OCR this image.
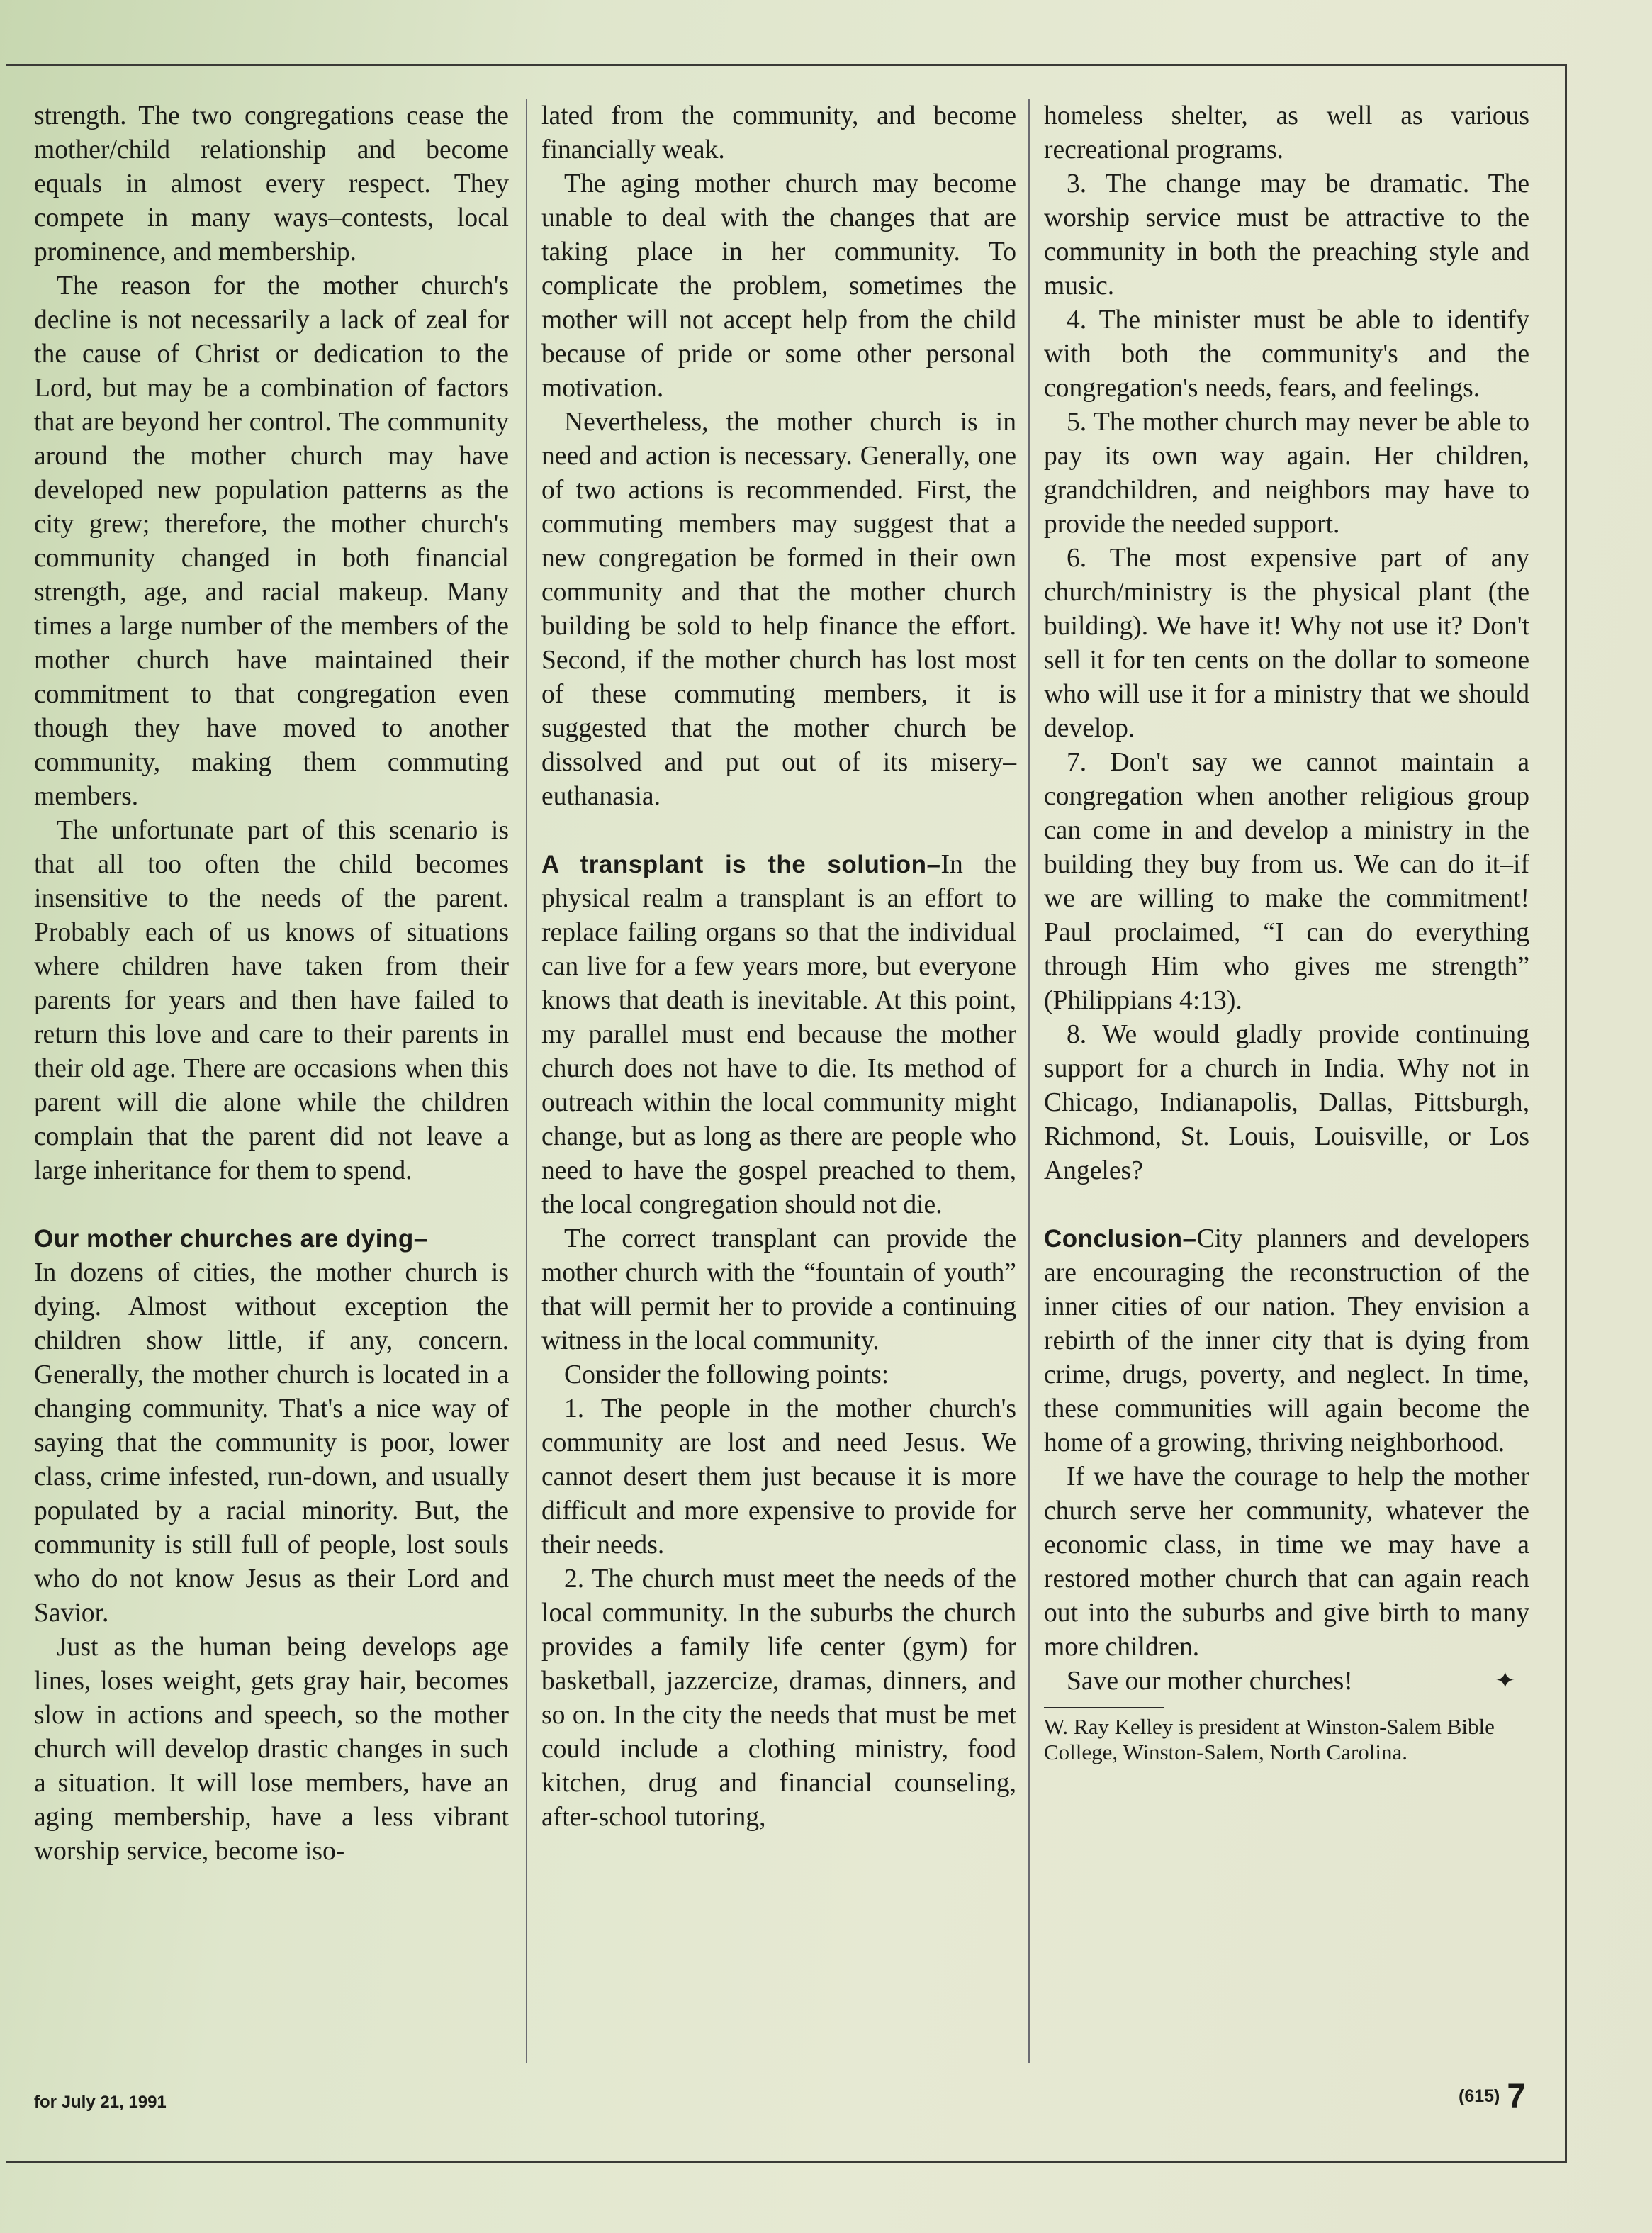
strength. The two congregations cease the mother/child relationship and become equals in almost every respect. They compete in many ways–contests, local prominence, and membership.

The reason for the mother church's decline is not necessarily a lack of zeal for the cause of Christ or dedication to the Lord, but may be a combination of factors that are beyond her control. The community around the mother church may have developed new population patterns as the city grew; therefore, the mother church's community changed in both financial strength, age, and racial makeup. Many times a large number of the members of the mother church have maintained their commitment to that congregation even though they have moved to another community, making them commuting members.

The unfortunate part of this scenario is that all too often the child becomes insensitive to the needs of the parent. Probably each of us knows of situations where children have taken from their parents for years and then have failed to return this love and care to their parents in their old age. There are occasions when this parent will die alone while the children complain that the parent did not leave a large inheritance for them to spend.

Our mother churches are dying–

In dozens of cities, the mother church is dying. Almost without exception the children show little, if any, concern. Generally, the mother church is located in a changing community. That's a nice way of saying that the community is poor, lower class, crime infested, run-down, and usually populated by a racial minority. But, the community is still full of people, lost souls who do not know Jesus as their Lord and Savior.

Just as the human being develops age lines, loses weight, gets gray hair, becomes slow in actions and speech, so the mother church will develop drastic changes in such a situation. It will lose members, have an aging membership, have a less vibrant worship service, become iso-

lated from the community, and become financially weak.

The aging mother church may become unable to deal with the changes that are taking place in her community. To complicate the problem, sometimes the mother will not accept help from the child because of pride or some other personal motivation.

Nevertheless, the mother church is in need and action is necessary. Generally, one of two actions is recommended. First, the commuting members may suggest that a new congregation be formed in their own community and that the mother church building be sold to help finance the effort. Second, if the mother church has lost most of these commuting members, it is suggested that the mother church be dissolved and put out of its misery–euthanasia.

A transplant is the solution–In the physical realm a transplant is an effort to replace failing organs so that the individual can live for a few years more, but everyone knows that death is inevitable. At this point, my parallel must end because the mother church does not have to die. Its method of outreach within the local community might change, but as long as there are people who need to have the gospel preached to them, the local congregation should not die.

The correct transplant can provide the mother church with the “fountain of youth” that will permit her to provide a continuing witness in the local community.

Consider the following points:

1. The people in the mother church's community are lost and need Jesus. We cannot desert them just because it is more difficult and more expensive to provide for their needs.

2. The church must meet the needs of the local community. In the suburbs the church provides a family life center (gym) for basketball, jazzercize, dramas, dinners, and so on. In the city the needs that must be met could include a clothing ministry, food kitchen, drug and financial counseling, after-school tutoring,

homeless shelter, as well as various recreational programs.

3. The change may be dramatic. The worship service must be attractive to the community in both the preaching style and music.

4. The minister must be able to identify with both the community's and the congregation's needs, fears, and feelings.

5. The mother church may never be able to pay its own way again. Her children, grandchildren, and neighbors may have to provide the needed support.

6. The most expensive part of any church/ministry is the physical plant (the building). We have it! Why not use it? Don't sell it for ten cents on the dollar to someone who will use it for a ministry that we should develop.

7. Don't say we cannot maintain a congregation when another religious group can come in and develop a ministry in the building they buy from us. We can do it–if we are willing to make the commitment! Paul proclaimed, “I can do everything through Him who gives me strength” (Philippians 4:13).

8. We would gladly provide continuing support for a church in India. Why not in Chicago, Indianapolis, Dallas, Pittsburgh, Richmond, St. Louis, Louisville, or Los Angeles?

Conclusion–City planners and developers are encouraging the reconstruction of the inner cities of our nation. They envision a rebirth of the inner city that is dying from crime, drugs, poverty, and neglect. In time, these communities will again become the home of a growing, thriving neighborhood.

If we have the courage to help the mother church serve her community, whatever the economic class, in time we may have a restored mother church that can again reach out into the suburbs and give birth to many more children.

Save our mother churches!	✦

W. Ray Kelley is president at Winston-Salem Bible College, Winston-Salem, North Carolina.

for July 21, 1991	(615) 7
